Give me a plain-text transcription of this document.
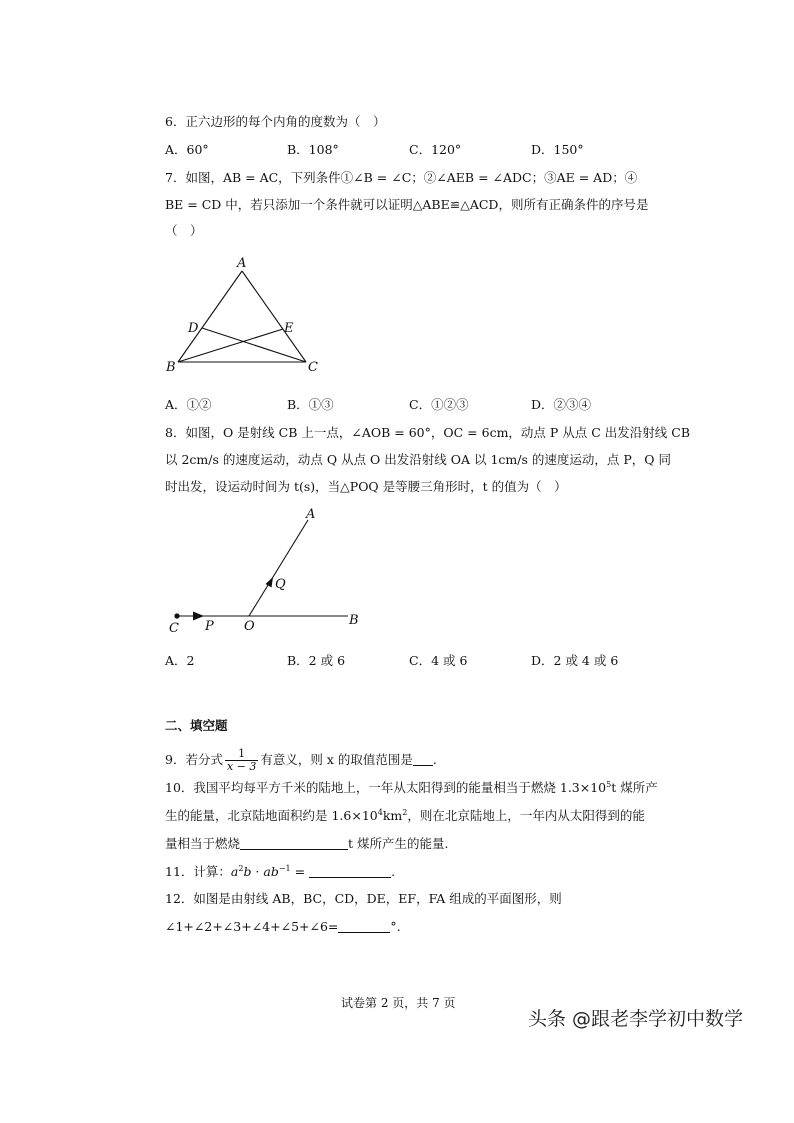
6．正六边形的每个内角的度数为（　）
A．60°	B．108°	C．120°	D．150°
7．如图，AB = AC，下列条件①∠B = ∠C；②∠AEB = ∠ADC；③AE = AD；④
BE = CD 中，若只添加一个条件就可以证明△ABE≌△ACD，则所有正确条件的序号是
（　）
A
D	E
B	C
A．①②	B．①③	C．①②③	D．②③④
8．如图，O 是射线 CB 上一点，∠AOB = 60°，OC = 6cm，动点 P 从点 C 出发沿射线 CB
以 2cm/s 的速度运动，动点 Q 从点 O 出发沿射线 OA 以 1cm/s 的速度运动，点 P，Q 同
时出发，设运动时间为 t(s)，当△POQ 是等腰三角形时，t 的值为（　）
A
Q
C P O	B
A．2	B．2 或 6	C．4 或 6	D．2 或 4 或 6
二、填空题
9．若分式 $\frac{1}{x - 3}$ 有意义，则 x 的取值范围是 .
10．我国平均每平方千米的陆地上，一年从太阳得到的能量相当于燃烧 $1.3\times 10^5t$ 煤所产
生的能量，北京陆地面积约是 $1.6\times 10^4km^2$，则在北京陆地上，一年内从太阳得到的能
量相当于燃烧	t 煤所产生的能量.
11．计算：$a^2b \cdot ab^{-1}$ =	.
12．如图是由射线 AB，BC，CD，DE，EF，FA 组成的平面图形，则
∠1+∠2+∠3+∠4+∠5+∠6=	°.
试卷第 2 页，共 7 页
头条 @跟老李学初中数学
